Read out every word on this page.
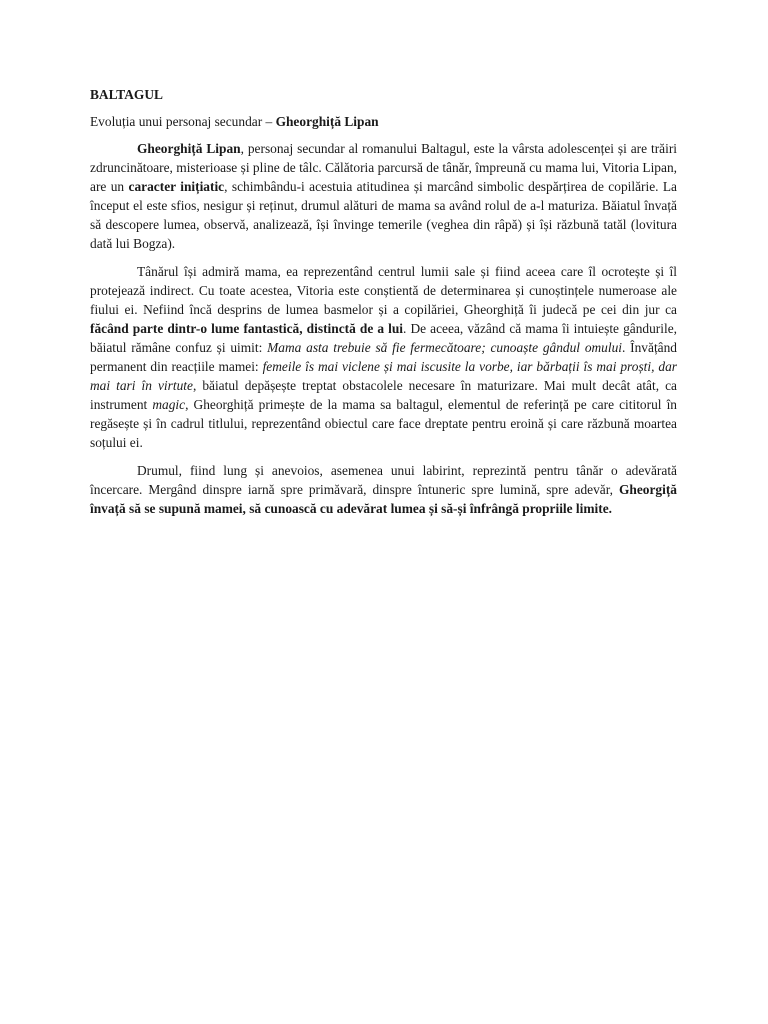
BALTAGUL

Evoluția unui personaj secundar – Gheorghiță Lipan

Gheorghiță Lipan, personaj secundar al romanului Baltagul, este la vârsta adolescenței și are trăiri zdruncinătoare, misterioase și pline de tâlc. Călătoria parcursă de tânăr, împreună cu mama lui, Vitoria Lipan, are un caracter inițiatic, schimbându-i acestuia atitudinea și marcând simbolic despărțirea de copilărie. La început el este sfios, nesigur și reținut, drumul alături de mama sa având rolul de a-l maturiza. Băiatul învață să descopere lumea, observă, analizează, își învinge temerile (veghea din râpă) și își răzbună tatăl (lovitura dată lui Bogza).

Tânărul își admiră mama, ea reprezentând centrul lumii sale și fiind aceea care îl ocrotește și îl protejează indirect. Cu toate acestea, Vitoria este conștientă de determinarea și cunoștințele numeroase ale fiului ei. Nefiind încă desprins de lumea basmelor și a copilăriei, Gheorghiță îi judecă pe cei din jur ca făcând parte dintr-o lume fantastică, distinctă de a lui. De aceea, văzând că mama îi intuiește gândurile, băiatul rămâne confuz și uimit: Mama asta trebuie să fie fermecătoare; cunoaște gândul omului. Învățând permanent din reacțiile mamei: femeile îs mai viclene și mai iscusite la vorbe, iar bărbații îs mai proști, dar mai tari în virtute, băiatul depășește treptat obstacolele necesare în maturizare. Mai mult decât atât, ca instrument magic, Gheorghiță primește de la mama sa baltagul, elementul de referință pe care cititorul în regăsește și în cadrul titlului, reprezentând obiectul care face dreptate pentru eroină și care răzbună moartea soțului ei.

Drumul, fiind lung și anevoios, asemenea unui labirint, reprezintă pentru tânăr o adevărată încercare. Mergând dinspre iarnă spre primăvară, dinspre întuneric spre lumină, spre adevăr, Gheorgiță învață să se supună mamei, să cunoască cu adevărat lumea și să-și înfrângă propriile limite.
